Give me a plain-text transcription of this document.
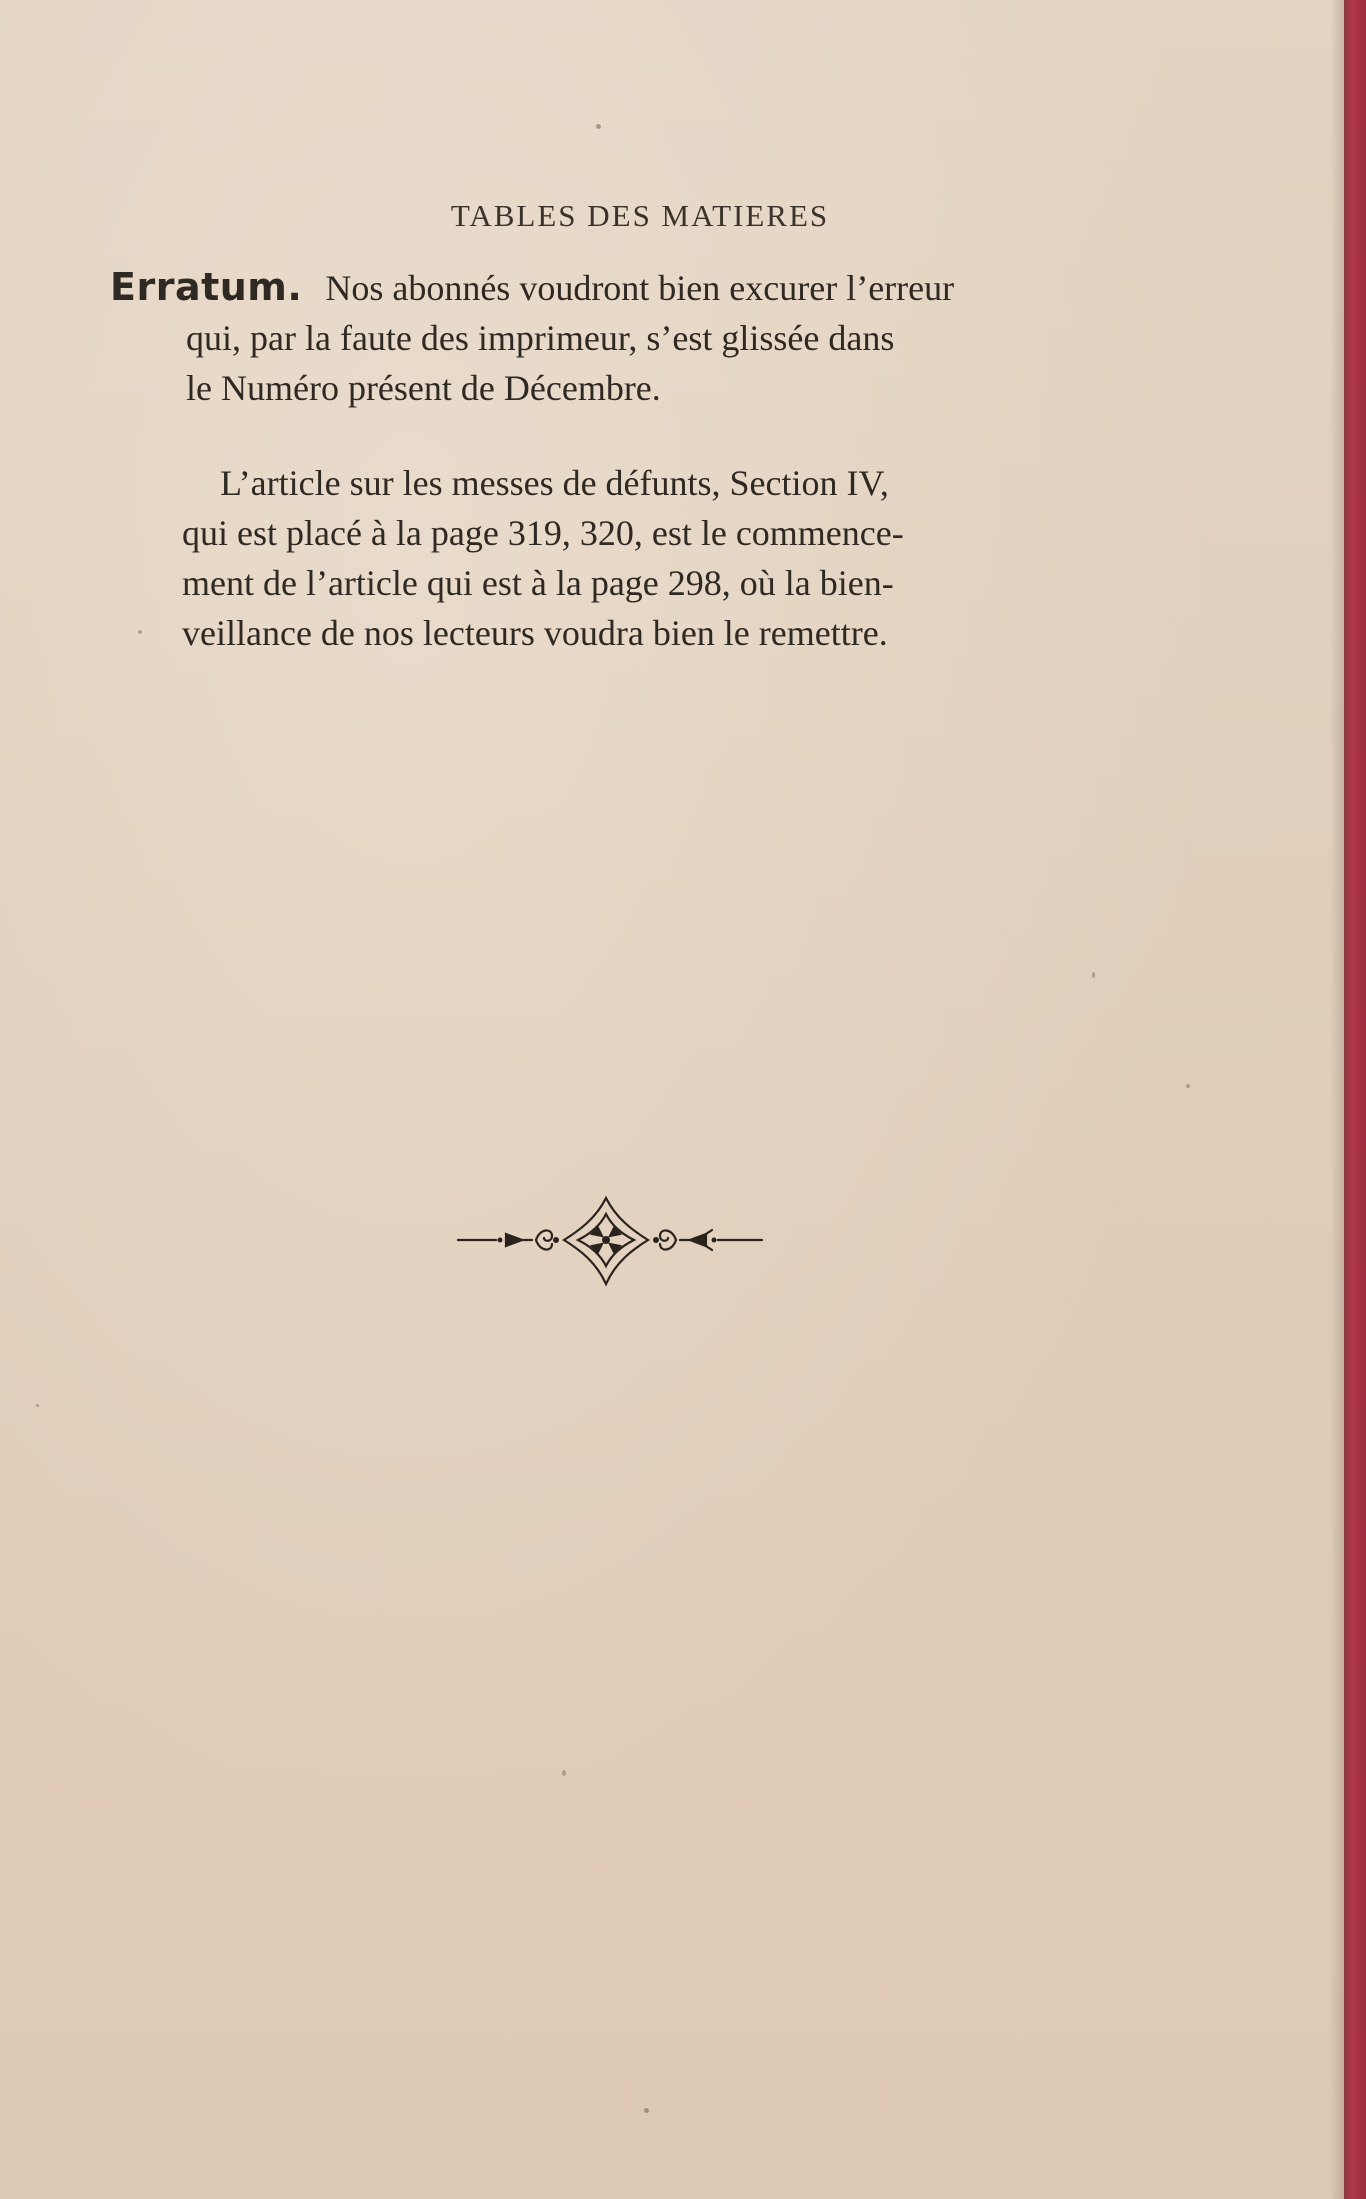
TABLES DES MATIERES
Erratum. Nos abonnés voudront bien excurer l’erreur
qui, par la faute des imprimeur, s’est glissée dans
le Numéro présent de Décembre.
L’article sur les messes de défunts, Section IV,
qui est placé à la page 319, 320, est le commence-
ment de l’article qui est à la page 298, où la bien-
veillance de nos lecteurs voudra bien le remettre.
